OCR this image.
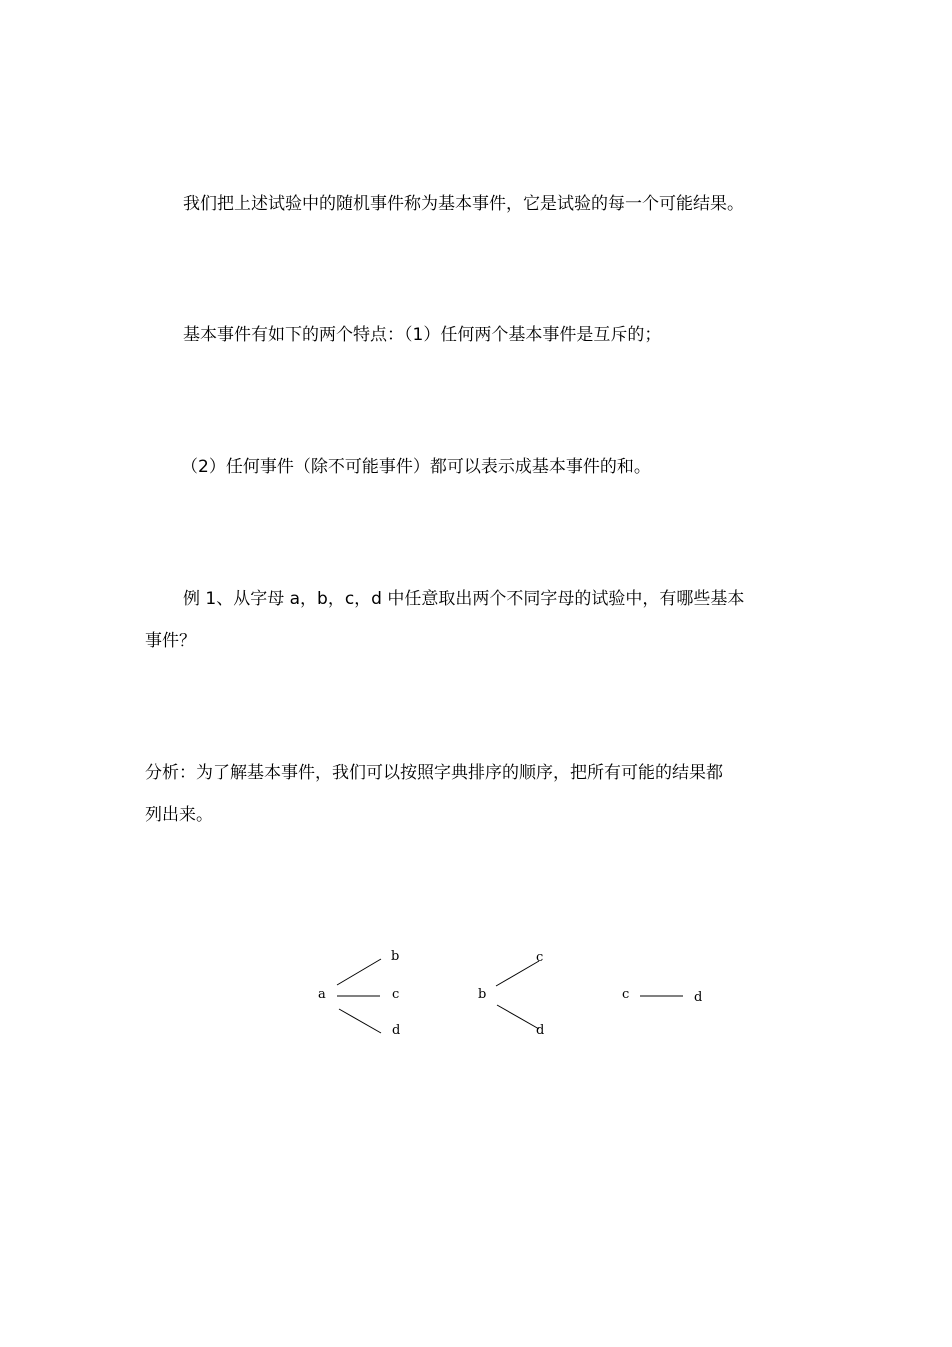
我们把上述试验中的随机事件称为基本事件，它是试验的每一个可能结果。
基本事件有如下的两个特点：（1）任何两个基本事件是互斥的；
（2）任何事件（除不可能事件）都可以表示成基本事件的和。
例 1、从字母 a，b，c，d 中任意取出两个不同字母的试验中，有哪些基本
事件？
分析：为了解基本事件，我们可以按照字典排序的顺序，把所有可能的结果都
列出来。
a
b
c
d
b
c
d
c	d
